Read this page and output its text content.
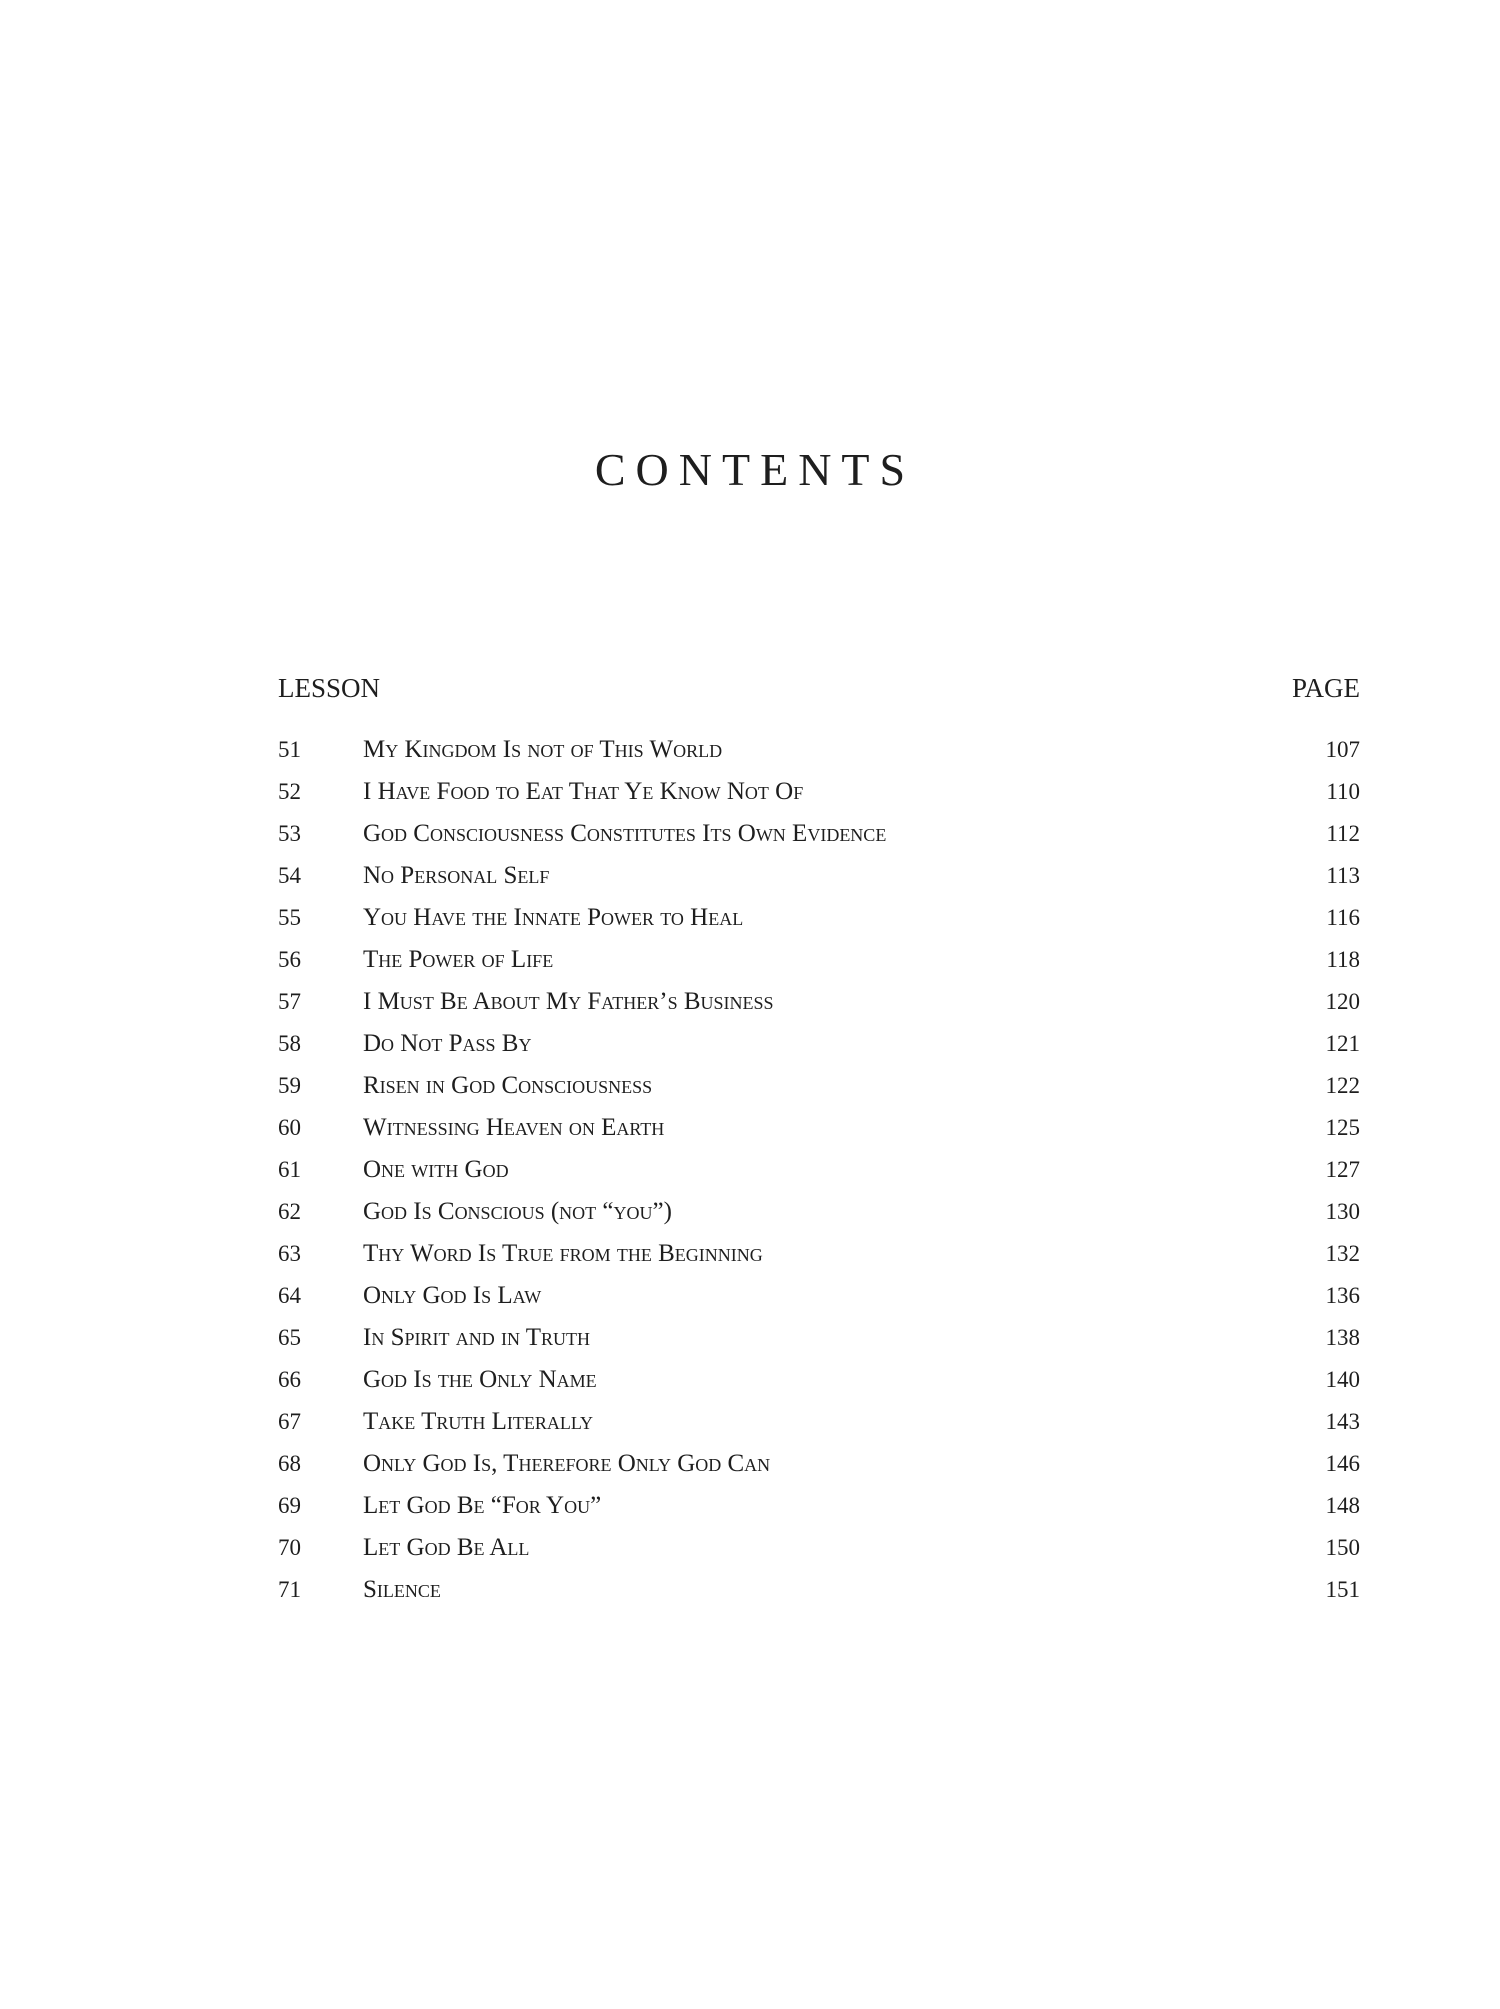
CONTENTS
LESSON	PAGE
51 My Kingdom Is not of This World	107
52 I Have Food to Eat That Ye Know Not Of	110
53 God Consciousness Constitutes Its Own Evidence	112
54 No Personal Self	113
55 You Have the Innate Power to Heal	116
56 The Power of Life	118
57 I Must Be About My Father’s Business	120
58 Do Not Pass By	121
59 Risen in God Consciousness	122
60 Witnessing Heaven on Earth	125
61 One with God	127
62 God Is Conscious (not “you”)	130
63 Thy Word Is True from the Beginning	132
64 Only God Is Law	136
65 In Spirit and in Truth	138
66 God Is the Only Name	140
67 Take Truth Literally	143
68 Only God Is, Therefore Only God Can	146
69 Let God Be “For You”	148
70 Let God Be All	150
71 Silence	151
